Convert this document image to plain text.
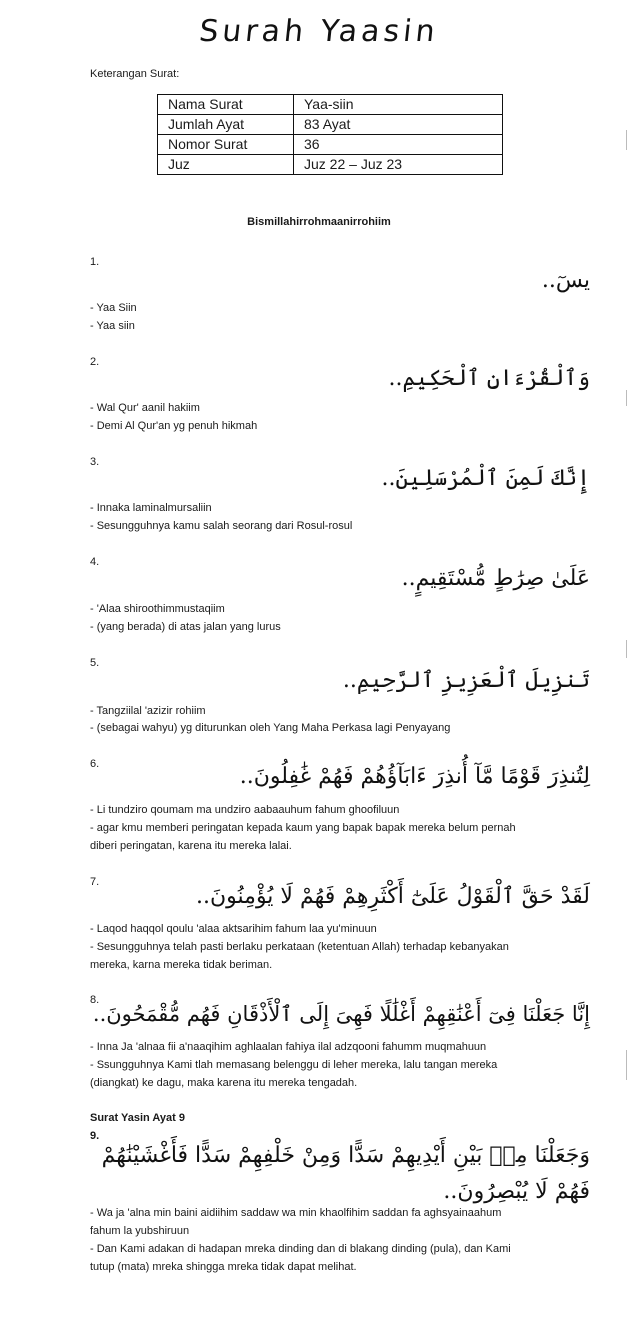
Surah Yaasin
Keterangan Surat:
Nama Surat	Yaa-siin
Jumlah Ayat	83 Ayat
Nomor Surat	36
Juz	Juz 22 – Juz 23
Bismillahirrohmaanirrohiim
1.
يسٓ..
- Yaa Siin
- Yaa siin
2.
وَٱلْقُرْءَانِ ٱلْحَكِيمِ..
- Wal Qur' aanil hakiim
- Demi Al Qur'an yg penuh hikmah
3.
إِنَّكَ لَمِنَ ٱلْمُرْسَلِينَ..
- Innaka laminalmursaliin
- Sesungguhnya kamu salah seorang dari Rosul-rosul
4.
عَلَىٰ صِرَٰطٍ مُّسْتَقِيمٍ..
- 'Alaa shiroothimmustaqiim
- (yang berada) di atas jalan yang lurus
5.
تَنزِيلَ ٱلْعَزِيزِ ٱلرَّحِيمِ..
- Tangziilal 'azizir rohiim
- (sebagai wahyu) yg diturunkan oleh Yang Maha Perkasa lagi Penyayang
6.	لِتُنذِرَ قَوْمًا مَّآ أُنذِرَ ءَابَآؤُهُمْ فَهُمْ غَٰفِلُونَ..
- Li tundziro qoumam ma undziro aabaauhum fahum ghoofiluun
- agar kmu memberi peringatan kepada kaum yang bapak bapak mereka belum pernah
diberi peringatan, karena itu mereka lalai.
7.
لَقَدْ حَقَّ ٱلْقَوْلُ عَلَىٰٓ أَكْثَرِهِمْ فَهُمْ لَا يُؤْمِنُونَ..
- Laqod haqqol qoulu 'alaa aktsarihim fahum laa yu'minuun
- Sesungguhnya telah pasti berlaku perkataan (ketentuan Allah) terhadap kebanyakan
mereka, karna mereka tidak beriman.
8.
إِنَّا جَعَلْنَا فِىٓ أَعْنَٰقِهِمْ أَغْلَٰلًا فَهِىَ إِلَى ٱلْأَذْقَانِ فَهُم مُّقْمَحُونَ..
- Inna Ja 'alnaa fii a'naaqihim aghlaalan fahiya ilal adzqooni fahumm muqmahuun
- Ssungguhnya Kami tlah memasang belenggu di leher mereka, lalu tangan mereka
(diangkat) ke dagu, maka karena itu mereka tengadah.
Surat Yasin Ayat 9
9.
وَجَعَلْنَا مِنۢ بَيْنِ أَيْدِيهِمْ سَدًّا وَمِنْ خَلْفِهِمْ سَدًّا فَأَغْشَيْنَٰهُمْ فَهُمْ لَا يُبْصِرُونَ..
- Wa ja 'alna min baini aidiihim saddaw wa min khaolfihim saddan fa aghsyainaahum
fahum la yubshiruun
- Dan Kami adakan di hadapan mreka dinding dan di blakang dinding (pula), dan Kami
tutup (mata) mreka shingga mreka tidak dapat melihat.
